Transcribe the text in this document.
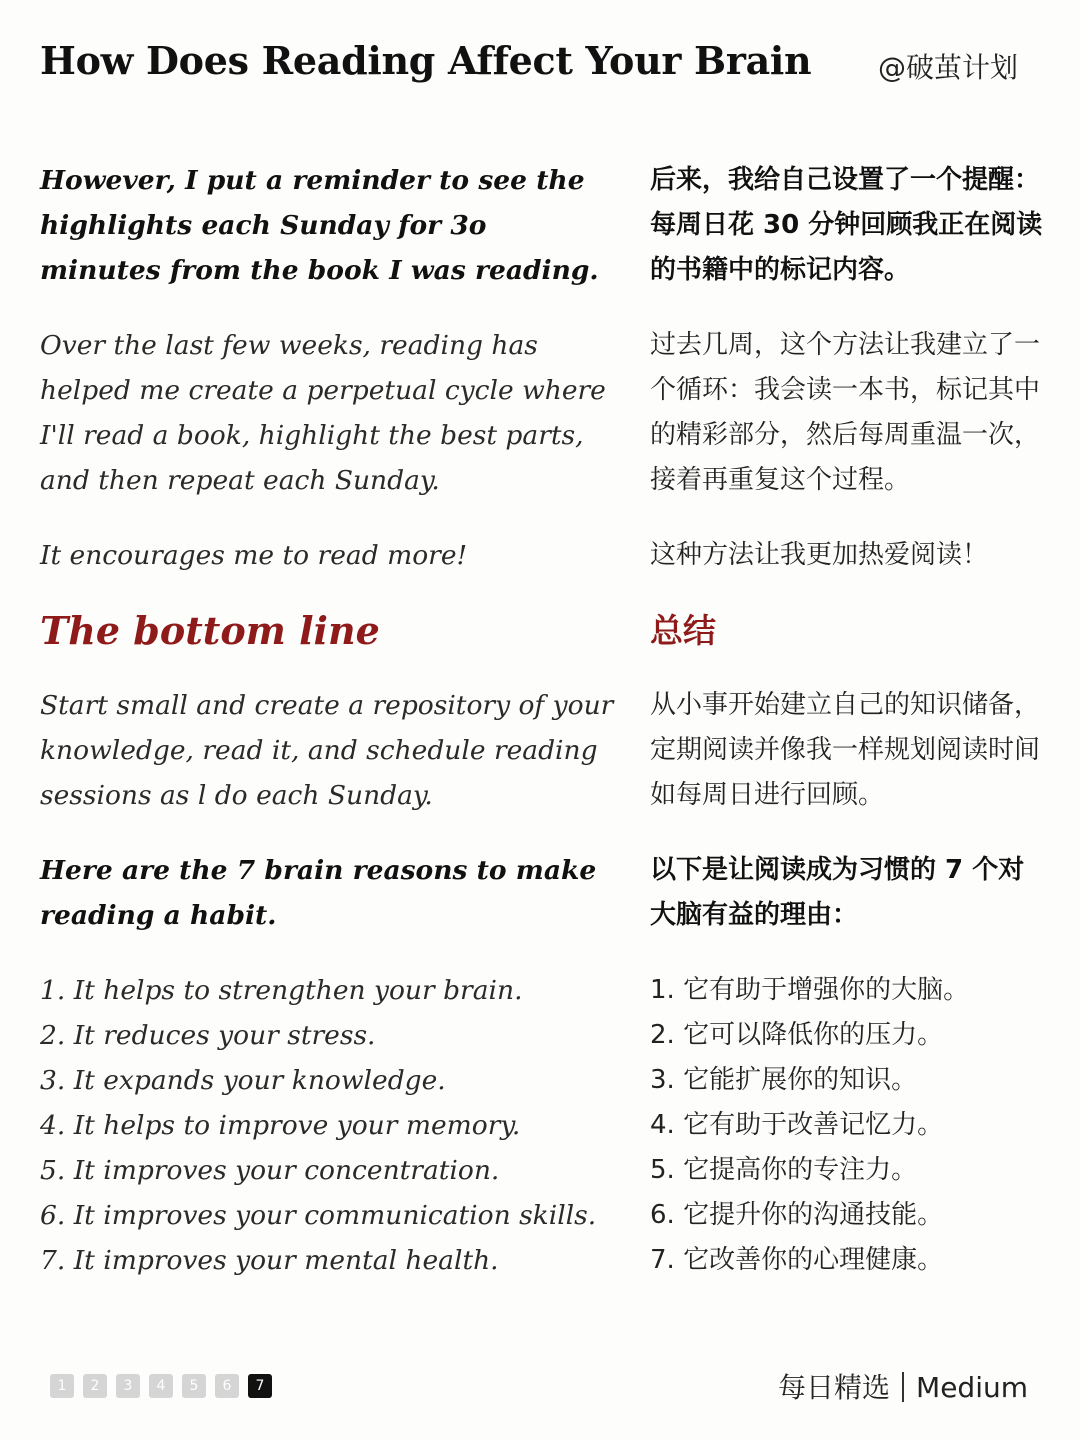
How Does Reading Affect Your Brain @破茧计划

However, I put a reminder to see the highlights each Sunday for 3o minutes from the book I was reading.

Over the last few weeks, reading has helped me create a perpetual cycle where I'll read a book, highlight the best parts, and then repeat each Sunday.

It encourages me to read more!

The bottom line

Start small and create a repository of your knowledge, read it, and schedule reading sessions as l do each Sunday.

Here are the 7 brain reasons to make reading a habit.

1. It helps to strengthen your brain.
2. It reduces your stress.
3. It expands your knowledge.
4. It helps to improve your memory.
5. It improves your concentration.
6. It improves your communication skills.
7. It improves your mental health.

后来，我给自己设置了一个提醒：每周日花 30 分钟回顾我正在阅读的书籍中的标记内容。

过去几周，这个方法让我建立了一个循环：我会读一本书，标记其中的精彩部分，然后每周重温一次，接着再重复这个过程。

这种方法让我更加热爱阅读！

总结

从小事开始建立自己的知识储备，定期阅读并像我一样规划阅读时间如每周日进行回顾。

以下是让阅读成为习惯的 7 个对大脑有益的理由：

1. 它有助于增强你的大脑。
2. 它可以降低你的压力。
3. 它能扩展你的知识。
4. 它有助于改善记忆力。
5. 它提高你的专注力。
6. 它提升你的沟通技能。
7. 它改善你的心理健康。
1	2	3	4	5	6	7	每日精选 Medium
